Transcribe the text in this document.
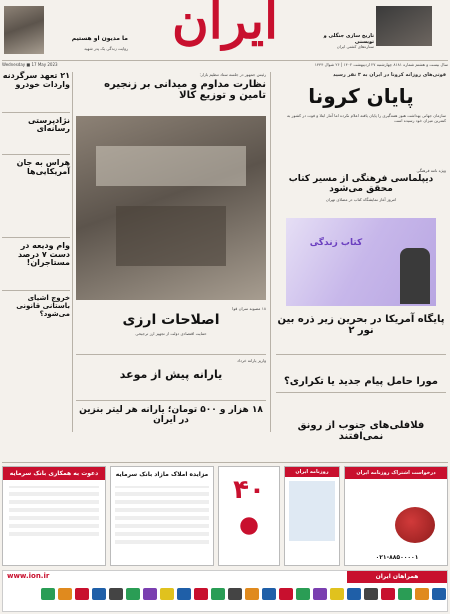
ما مدیون او هستیم
روایت زندگی یک پدر شهید ایران	تاریخ سازی جنگلی و تویسنی
ستاره‌های کشتی ایران
سال بیست و هشتم شماره ۸۱۸۱ چهارشنبه ۲۷ اردیبهشت ۱۴۰۲ | ۲۶ شوال ۱۴۴۴
Wednesday ■ 17 May 2023
۲۱ تعهد سرگردنه واردات خودرو
نژادپرستی رسانه‌ای
هراس به جان آمریکایی‌ها
وام ودیعه در دست ۷ درصد مستاجران!
خروج اشیای باستانی قانونی می‌شود؟
رئیس جمهور در جلسه ستاد تنظیم بازار:
نظارت مداوم و میدانی بر زنجیره تامین و توزیع کالا
فوتی‌های روزانه کرونا در ایران به ۳ نفر رسید
پایان کرونا
سازمان جهانی بهداشت هنوز همه‌گیری را پایان یافته اعلام نکرده اما آمار ابتلا و فوت در کشور به کمترین میزان خود رسیده است
ویژه نامه فرهنگی
دیپلماسی فرهنگی از مسیر کتاب محقق می‌شود
امروز آغاز نمایشگاه کتاب در مصلای تهران
کتاب زندگی
۱۸ مصوبه سران قوا
اصلاحات ارزی
حمایت اقتصادی دولت از تجهیز ارز ترجیحی
واریز یارانه خرداد
یارانه پیش از موعد
۱۸ هزار و ۵۰۰ تومان؛ یارانه هر لیتر بنزین در ایران
پایگاه آمریکا در بحرین زیر ذره بین نور ۲
مورا حامل پیام جدید یا تکراری؟
فلافلی‌های جنوب از رونق نمی‌افتند
دعوت به همکاری بانک سرمایه	مزایده املاک مازاد بانک سرمایه
۴۰
روزنامه ایران	درخواست اشتراک روزنامه ایران
۰۲۱-۸۸۵۰۰۰۰۱
همراهان ایران
www.ion.ir
